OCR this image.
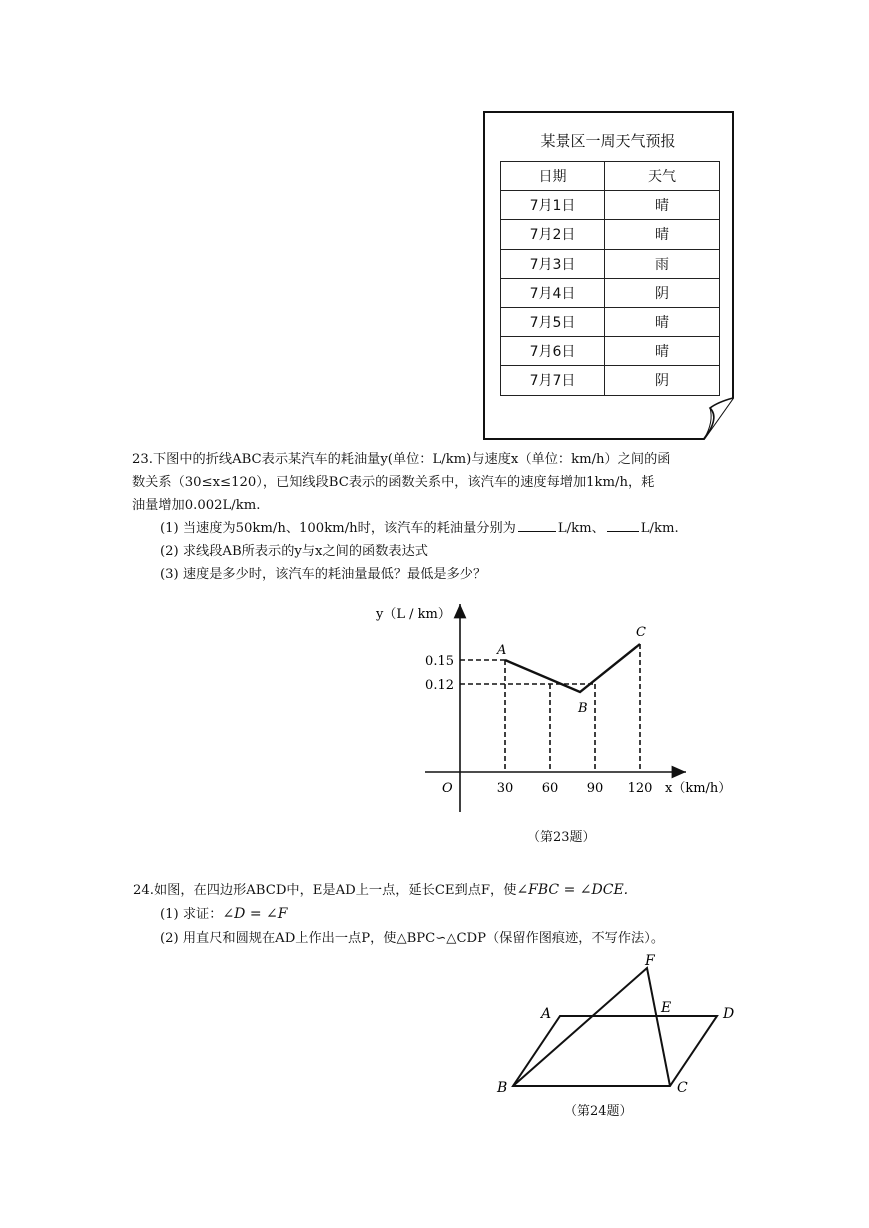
某景区一周天气预报
日期	天气
7月1日	晴
7月2日	晴
7月3日	雨
7月4日	阴
7月5日	晴
7月6日	晴
7月7日	阴
23.下图中的折线ABC表示某汽车的耗油量y(单位：L/km)与速度x（单位：km/h）之间的函
数关系（30≤x≤120），已知线段BC表示的函数关系中，该汽车的速度每增加1km/h，耗
油量增加0.002L/km.
(1) 当速度为50km/h、100km/h时，该汽车的耗油量分别为	L/km、	L/km.
(2) 求线段AB所表示的y与x之间的函数表达式
(3) 速度是多少时，该汽车的耗油量最低？最低是多少？
A
B
C
30 60 90 120
0.15
0.12
O
y（L / km）
x（km/h）
（第23题）
24.如图，在四边形ABCD中，E是AD上一点，延长CE到点F，使∠FBC = ∠DCE.
(1) 求证：∠D = ∠F
(2) 用直尺和圆规在AD上作出一点P，使△BPC∽△CDP（保留作图痕迹，不写作法）。
A
B	C
D
E
F
（第24题）
